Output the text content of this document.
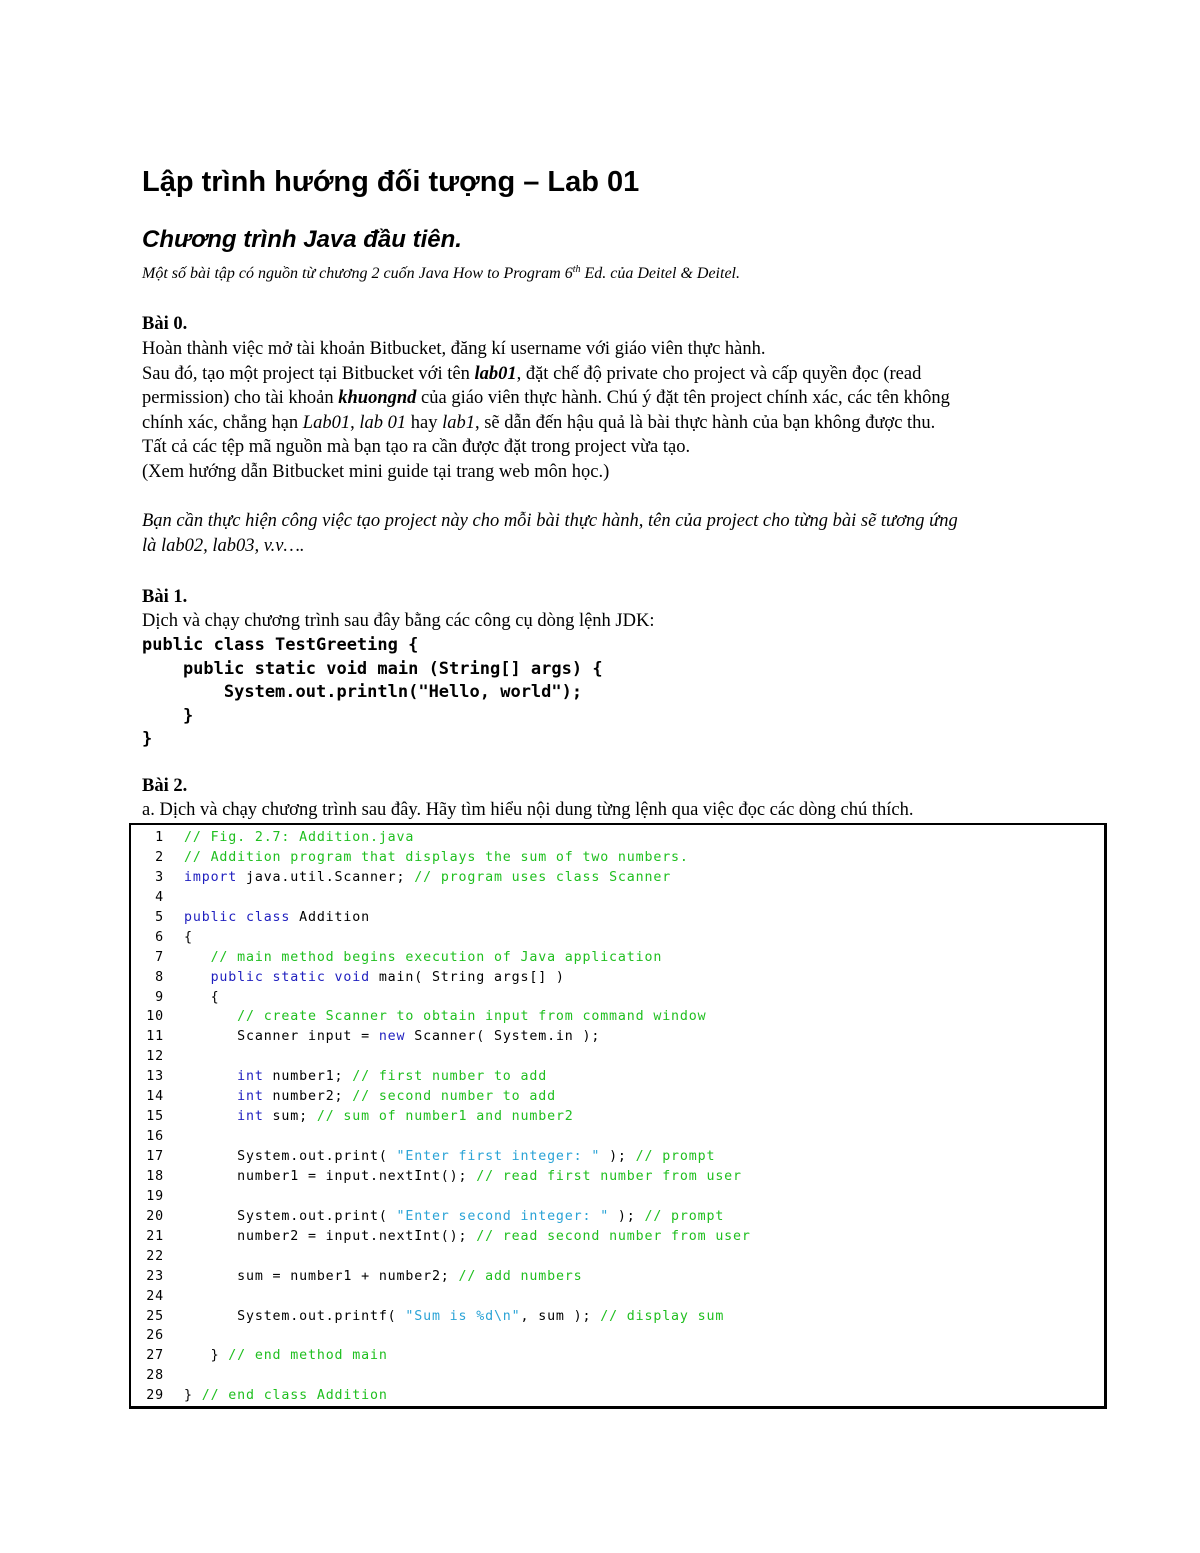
Lập trình hướng đối tượng – Lab 01
Chương trình Java đầu tiên.
Một số bài tập có nguồn từ chương 2 cuốn Java How to Program 6th Ed. của Deitel & Deitel.
Bài 0.
Hoàn thành việc mở tài khoản Bitbucket, đăng kí username với giáo viên thực hành.
Sau đó, tạo một project tại Bitbucket với tên lab01, đặt chế độ private cho project và cấp quyền đọc (read
permission) cho tài khoản khuongnd của giáo viên thực hành. Chú ý đặt tên project chính xác, các tên không
chính xác, chẳng hạn Lab01, lab 01 hay lab1, sẽ dẫn đến hậu quả là bài thực hành của bạn không được thu.
Tất cả các tệp mã nguồn mà bạn tạo ra cần được đặt trong project vừa tạo.
(Xem hướng dẫn Bitbucket mini guide tại trang web môn học.)
Bạn cần thực hiện công việc tạo project này cho mỗi bài thực hành, tên của project cho từng bài sẽ tương ứng
là lab02, lab03, v.v….
Bài 1.
Dịch và chạy chương trình sau đây bằng các công cụ dòng lệnh JDK:
public class TestGreeting {
public static void main (String[] args) {
System.out.println("Hello, world");
}
}
Bài 2.
a. Dịch và chạy chương trình sau đây. Hãy tìm hiểu nội dung từng lệnh qua việc đọc các dòng chú thích.
1 // Fig. 2.7: Addition.java
2 // Addition program that displays the sum of two numbers.
3 import java.util.Scanner; // program uses class Scanner
4
5 public class Addition
6 {
7   // main method begins execution of Java application
8   public static void main( String args[] )
9   {
10      // create Scanner to obtain input from command window
11      Scanner input = new Scanner( System.in );
12
13      int number1; // first number to add
14      int number2; // second number to add
15      int sum; // sum of number1 and number2
16
17      System.out.print( "Enter first integer: " ); // prompt
18      number1 = input.nextInt(); // read first number from user
19
20      System.out.print( "Enter second integer: " ); // prompt
21      number2 = input.nextInt(); // read second number from user
22
23      sum = number1 + number2; // add numbers
24
25      System.out.printf( "Sum is %d\n", sum ); // display sum
26
27   } // end method main
28
29 } // end class Addition
